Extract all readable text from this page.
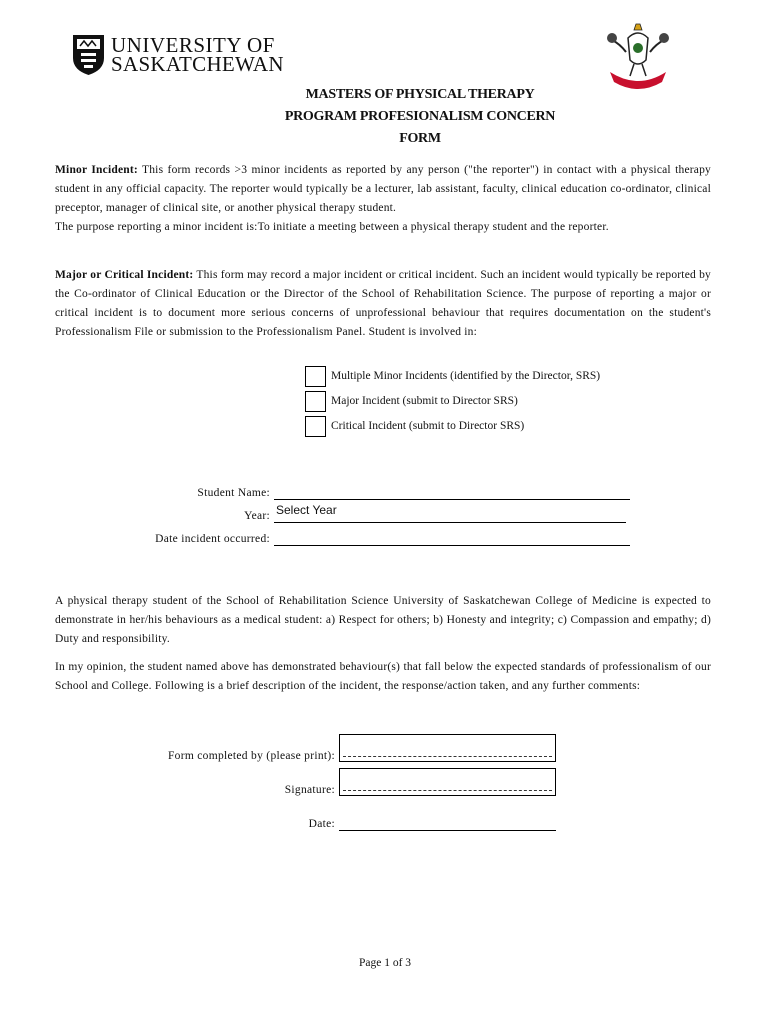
UNIVERSITY OF
SASKATCHEWAN
MASTERS OF PHYSICAL THERAPY
PROGRAM PROFESIONALISM CONCERN
FORM
Minor Incident: This form records >3 minor incidents as reported by any person ("the reporter") in contact with a physical therapy student in any official capacity. The reporter would typically be a lecturer, lab assistant, faculty, clinical education co-ordinator, clinical preceptor, manager of clinical site, or another physical therapy student.
The purpose reporting a minor incident is:To initiate a meeting between a physical therapy student and the reporter.
Major or Critical Incident: This form may record a major incident or critical incident. Such an incident would typically be reported by the Co-ordinator of Clinical Education or the Director of the School of Rehabilitation Science. The purpose of reporting a major or critical incident is to document more serious concerns of unprofessional behaviour that requires documentation on the student's Professionalism File or submission to the Professionalism Panel. Student is involved in:
Multiple Minor Incidents (identified by the Director, SRS)
Major Incident (submit to Director SRS)
Critical Incident (submit to Director SRS)
Student Name:
Year: Select Year
Date incident occurred:
A physical therapy student of the School of Rehabilitation Science University of Saskatchewan College of Medicine is expected to demonstrate in her/his behaviours as a medical student: a) Respect for others; b) Honesty and integrity; c) Compassion and empathy; d) Duty and responsibility.
In my opinion, the student named above has demonstrated behaviour(s) that fall below the expected standards of professionalism of our School and College. Following is a brief description of the incident, the response/action taken, and any further comments:
Form completed by (please print):
Signature:
Date:
Page 1 of 3
